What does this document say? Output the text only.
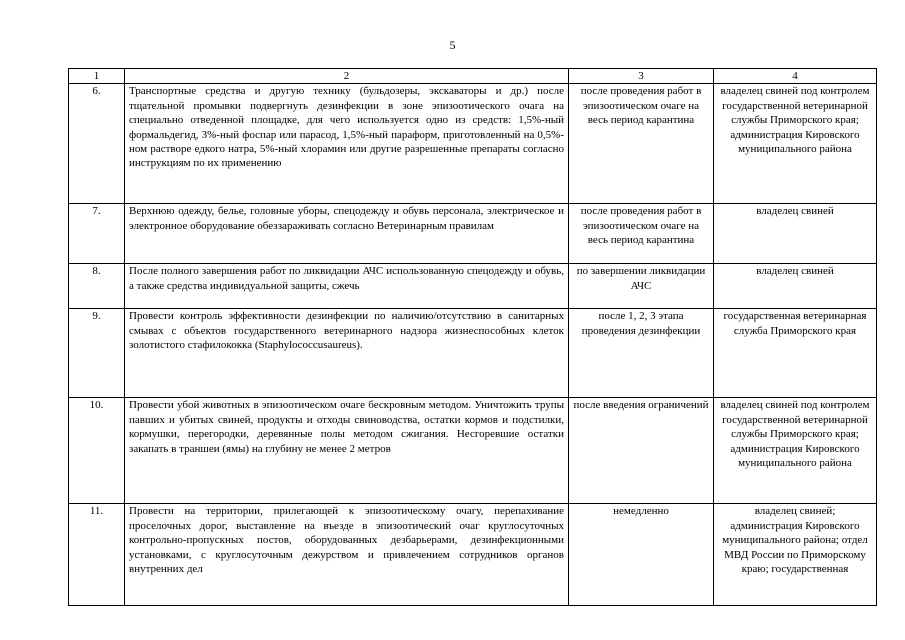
5
1	2	3	4
6.	Транспортные средства и другую технику (бульдозеры, экскаваторы и др.) после тщательной промывки подвергнуть дезинфекции в зоне эпизоотического очага на специально отведенной площадке, для чего используется одно из средств: 1,5%-ный формальдегид, 3%-ный фоспар или парасод, 1,5%-ный параформ, приготовленный на 0,5%-ном растворе едкого натра, 5%-ный хлорамин или другие разрешенные препараты согласно инструкциям по их применению	после проведения работ в эпизоотическом очаге на весь период карантина	владелец свиней под контролем государственной ветеринарной службы Приморского края; администрация Кировского муниципального района
7.	Верхнюю одежду, белье, головные уборы, спецодежду и обувь персонала, электрическое и электронное оборудование обеззараживать согласно Ветеринарным правилам	после проведения работ в эпизоотическом очаге на весь период карантина	владелец свиней
8.	После полного завершения работ по ликвидации АЧС использованную спецодежду и обувь, а также средства индивидуальной защиты, сжечь	по завершении ликвидации АЧС	владелец свиней
9.	Провести контроль эффективности дезинфекции по наличию/отсутствию в санитарных смывах с объектов государственного ветеринарного надзора жизнеспособных клеток золотистого стафилококка (Staphylococcusaureus).	после 1, 2, 3 этапа проведения дезинфекции	государственная ветеринарная служба Приморского края
10.	Провести убой животных в эпизоотическом очаге бескровным методом. Уничтожить трупы павших и убитых свиней, продукты и отходы свиноводства, остатки кормов и подстилки, кормушки, перегородки, деревянные полы методом сжигания. Несгоревшие остатки закапать в траншеи (ямы) на глубину не менее 2 метров	после введения ограничений	владелец свиней под контролем государственной ветеринарной службы Приморского края; администрация Кировского муниципального района
11.	Провести на территории, прилегающей к эпизоотическому очагу, перепахивание проселочных дорог, выставление на въезде в эпизоотический очаг круглосуточных контрольно-пропускных постов, оборудованных дезбарьерами, дезинфекционными установками, с круглосуточным дежурством и привлечением сотрудников органов внутренних дел	немедленно	владелец свиней; администрация Кировского муниципального района; отдел МВД России по Приморскому краю; государственная
